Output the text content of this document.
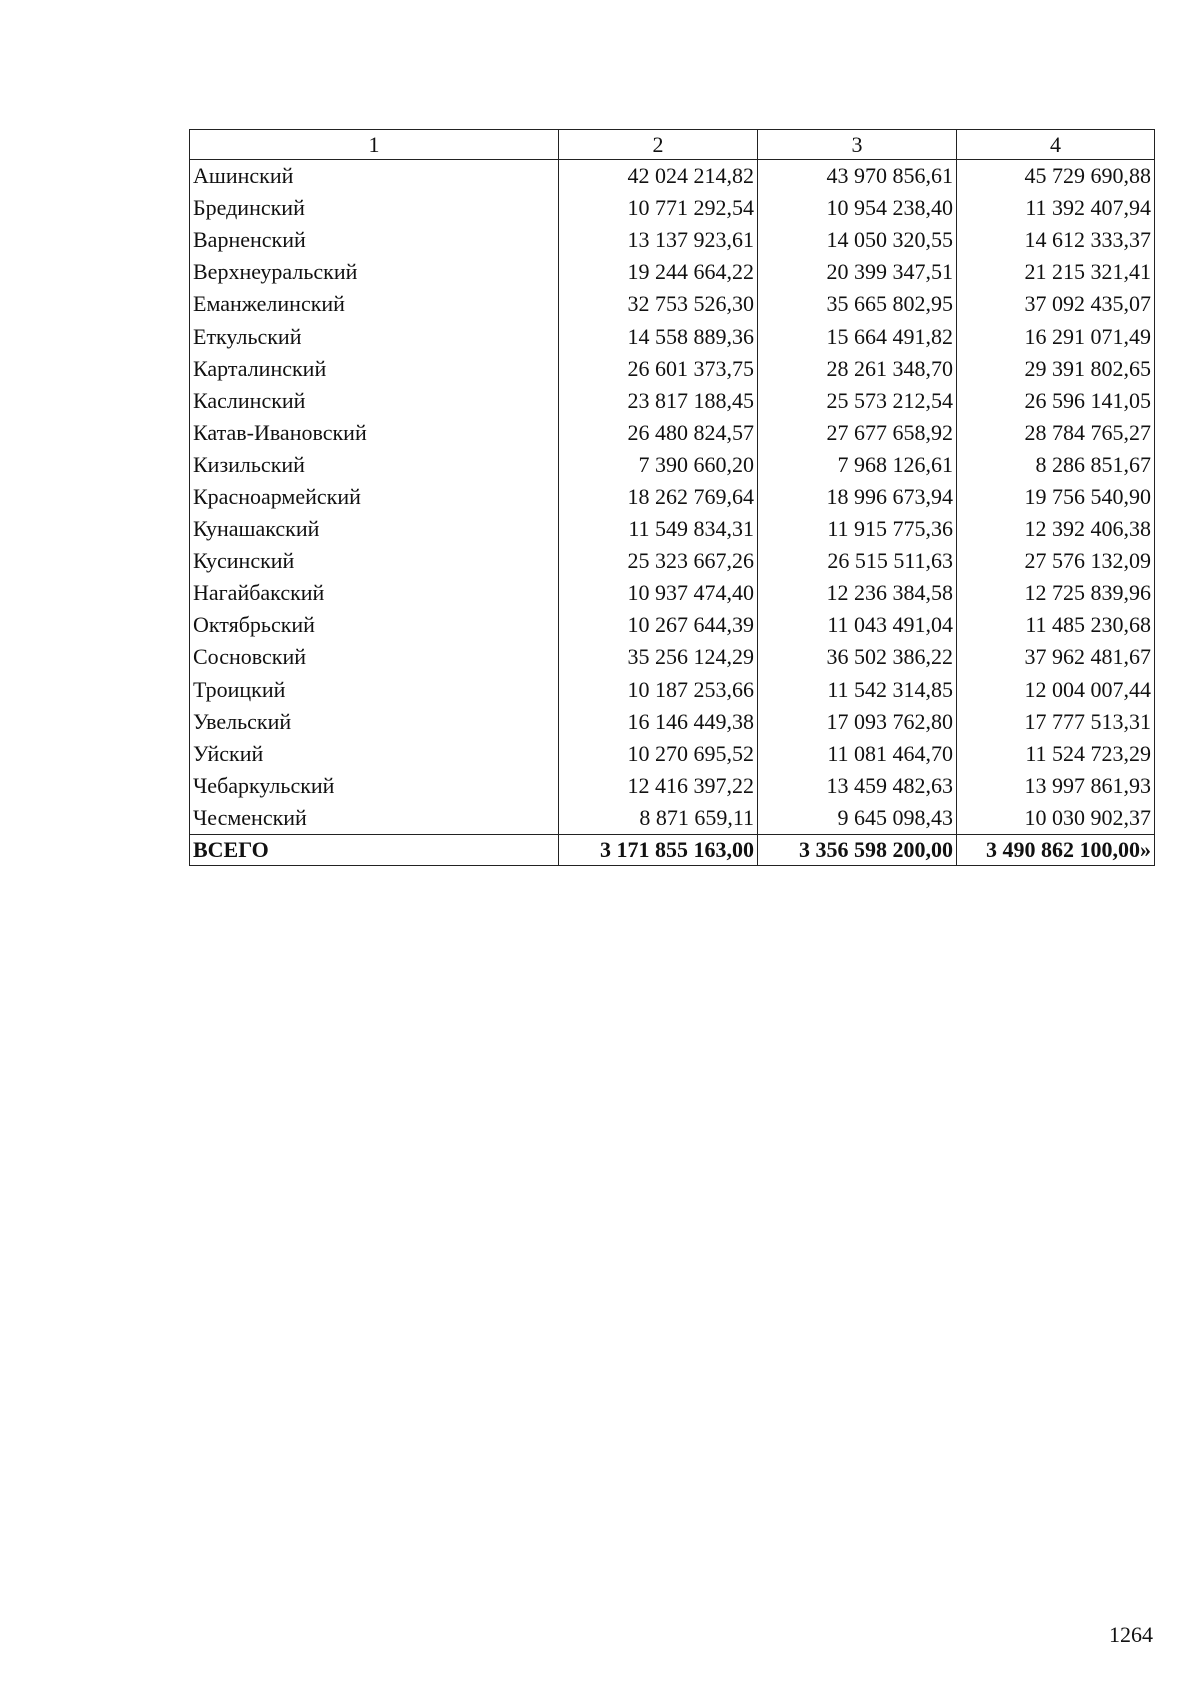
1	2	3	4
Ашинский	42 024 214,82	43 970 856,61	45 729 690,88
Брединский	10 771 292,54	10 954 238,40	11 392 407,94
Варненский	13 137 923,61	14 050 320,55	14 612 333,37
Верхнеуральский	19 244 664,22	20 399 347,51	21 215 321,41
Еманжелинский	32 753 526,30	35 665 802,95	37 092 435,07
Еткульский	14 558 889,36	15 664 491,82	16 291 071,49
Карталинский	26 601 373,75	28 261 348,70	29 391 802,65
Каслинский	23 817 188,45	25 573 212,54	26 596 141,05
Катав-Ивановский	26 480 824,57	27 677 658,92	28 784 765,27
Кизильский	7 390 660,20	7 968 126,61	8 286 851,67
Красноармейский	18 262 769,64	18 996 673,94	19 756 540,90
Кунашакский	11 549 834,31	11 915 775,36	12 392 406,38
Кусинский	25 323 667,26	26 515 511,63	27 576 132,09
Нагайбакский	10 937 474,40	12 236 384,58	12 725 839,96
Октябрьский	10 267 644,39	11 043 491,04	11 485 230,68
Сосновский	35 256 124,29	36 502 386,22	37 962 481,67
Троицкий	10 187 253,66	11 542 314,85	12 004 007,44
Увельский	16 146 449,38	17 093 762,80	17 777 513,31
Уйский	10 270 695,52	11 081 464,70	11 524 723,29
Чебаркульский	12 416 397,22	13 459 482,63	13 997 861,93
Чесменский	8 871 659,11	9 645 098,43	10 030 902,37
ВСЕГО	3 171 855 163,00	3 356 598 200,00	3 490 862 100,00»
1264
